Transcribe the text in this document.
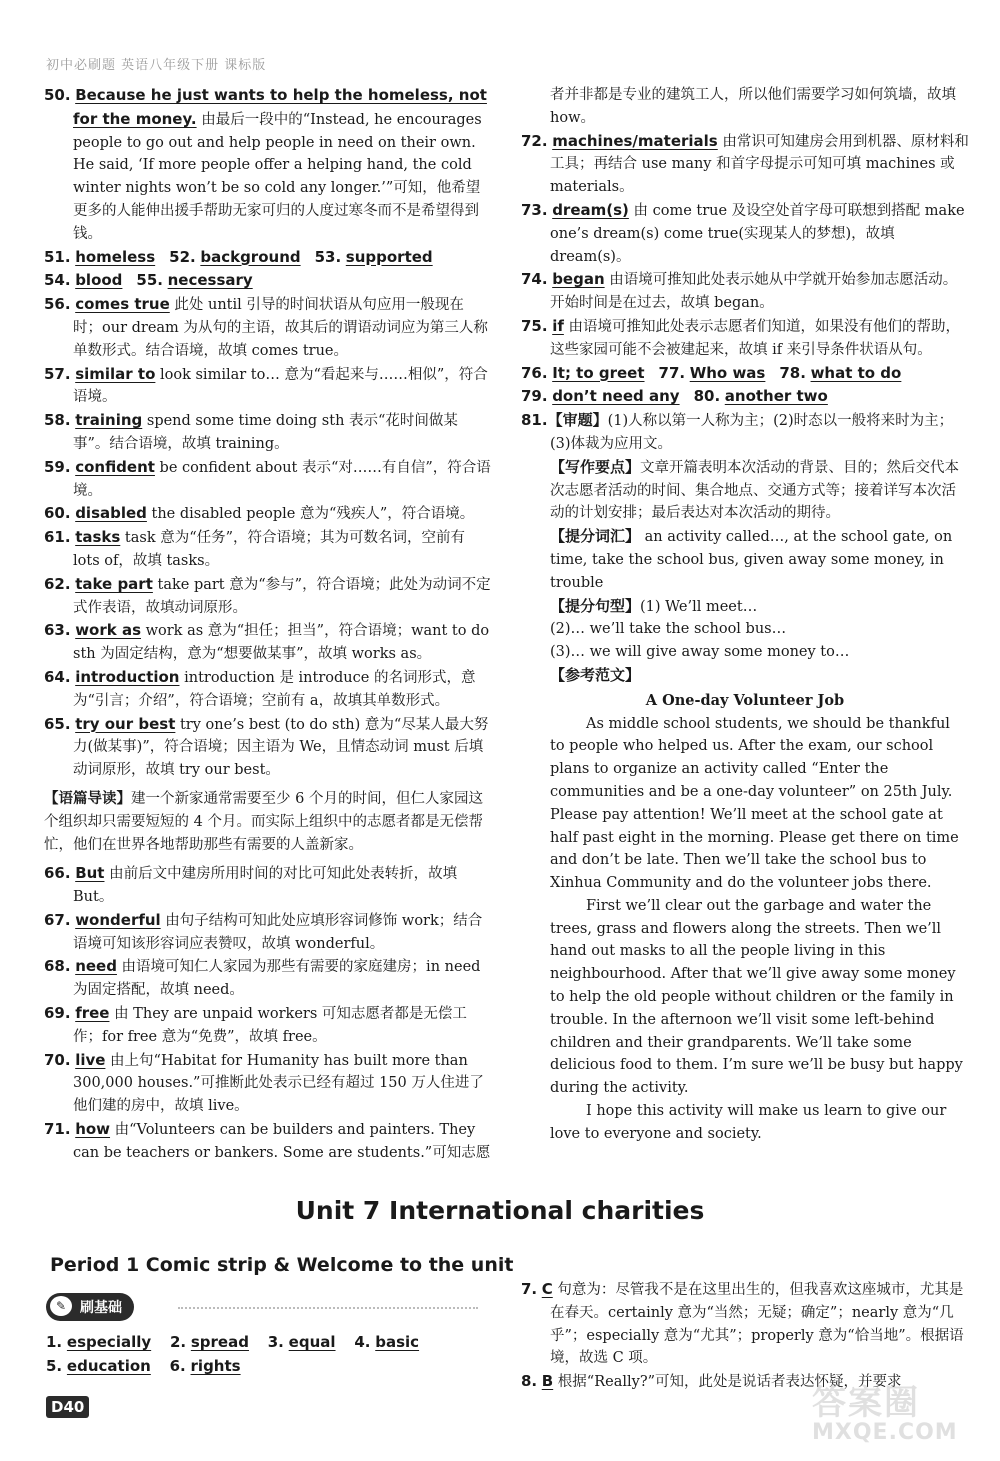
初中必刷题 英语八年级下册 课标版

50. Because he just wants to help the homeless, not for the money. 由最后一段中的“Instead, he encourages people to go out and help people in need on their own. He said, ‘If more people offer a helping hand, the cold winter nights won’t be so cold any longer.’”可知，他希望更多的人能伸出援手帮助无家可归的人度过寒冬而不是希望得到钱。

51. homeless 52. background 53. supported

54. blood 55. necessary

56. comes true 此处 until 引导的时间状语从句应用一般现在时；our dream 为从句的主语，故其后的谓语动词应为第三人称单数形式。结合语境，故填 comes true。

57. similar to look similar to… 意为“看起来与……相似”，符合语境。

58. training spend some time doing sth 表示“花时间做某事”。结合语境，故填 training。

59. confident be confident about 表示“对……有自信”，符合语境。

60. disabled the disabled people 意为“残疾人”，符合语境。

61. tasks task 意为“任务”，符合语境；其为可数名词，空前有 lots of，故填 tasks。

62. take part take part 意为“参与”，符合语境；此处为动词不定式作表语，故填动词原形。

63. work as work as 意为“担任；担当”，符合语境；want to do sth 为固定结构，意为“想要做某事”，故填 works as。

64. introduction introduction 是 introduce 的名词形式，意为“引言；介绍”，符合语境；空前有 a，故填其单数形式。

65. try our best try one’s best (to do sth) 意为“尽某人最大努力(做某事)”，符合语境；因主语为 We，且情态动词 must 后填动词原形，故填 try our best。

【语篇导读】建一个新家通常需要至少 6 个月的时间，但仁人家园这个组织却只需要短短的 4 个月。而实际上组织中的志愿者都是无偿帮忙，他们在世界各地帮助那些有需要的人盖新家。

66. But 由前后文中建房所用时间的对比可知此处表转折，故填 But。

67. wonderful 由句子结构可知此处应填形容词修饰 work；结合语境可知该形容词应表赞叹，故填 wonderful。

68. need 由语境可知仁人家园为那些有需要的家庭建房；in need 为固定搭配，故填 need。

69. free 由 They are unpaid workers 可知志愿者都是无偿工作；for free 意为“免费”，故填 free。

70. live 由上句“Habitat for Humanity has built more than 300,000 houses.”可推断此处表示已经有超过 150 万人住进了他们建的房中，故填 live。

71. how 由“Volunteers can be builders and painters. They can be teachers or bankers. Some are students.”可知志愿

者并非都是专业的建筑工人，所以他们需要学习如何筑墙，故填 how。

72. machines/materials 由常识可知建房会用到机器、原材料和工具；再结合 use many 和首字母提示可知可填 machines 或 materials。

73. dream(s) 由 come true 及设空处首字母可联想到搭配 make one’s dream(s) come true(实现某人的梦想)，故填 dream(s)。

74. began 由语境可推知此处表示她从中学就开始参加志愿活动。开始时间是在过去，故填 began。

75. if 由语境可推知此处表示志愿者们知道，如果没有他们的帮助，这些家园可能不会被建起来，故填 if 来引导条件状语从句。

76. It; to greet 77. Who was 78. what to do

79. don’t need any 80. another two

81.【审题】(1)人称以第一人称为主；(2)时态以一般将来时为主；(3)体裁为应用文。

【写作要点】文章开篇表明本次活动的背景、目的；然后交代本次志愿者活动的时间、集合地点、交通方式等；接着详写本次活动的计划安排；最后表达对本次活动的期待。

【提分词汇】 an activity called…, at the school gate, on time, take the school bus, given away some money, in trouble

【提分句型】(1) We’ll meet…

(2)… we’ll take the school bus…

(3)… we will give away some money to…

【参考范文】

A One-day Volunteer Job

As middle school students, we should be thankful to people who helped us. After the exam, our school plans to organize an activity called “Enter the communities and be a one-day volunteer” on 25th July. Please pay attention! We’ll meet at the school gate at half past eight in the morning. Please get there on time and don’t be late. Then we’ll take the school bus to Xinhua Community and do the volunteer jobs there.

First we’ll clear out the garbage and water the trees, grass and flowers along the streets. Then we’ll hand out masks to all the people living in this neighbourhood. After that we’ll give away some money to help the old people without children or the family in trouble. In the afternoon we’ll visit some left-behind children and their grandparents. We’ll take some delicious food to them. I’m sure we’ll be busy but happy during the activity.

I hope this activity will make us learn to give our love to everyone and society.

Unit 7 International charities
Period 1 Comic strip & Welcome to the unit
✎ 刷基础
1. especially 2. spread 3. equal 4. basic
5. education 6. rights

7. C 句意为：尽管我不是在这里出生的，但我喜欢这座城市，尤其是在春天。certainly 意为“当然；无疑；确定”；nearly 意为“几乎”；especially 意为“尤其”；properly 意为“恰当地”。根据语境，故选 C 项。

8. B 根据“Really?”可知，此处是说话者表达怀疑，并要求

D40	答案圈
MXQE.COM
